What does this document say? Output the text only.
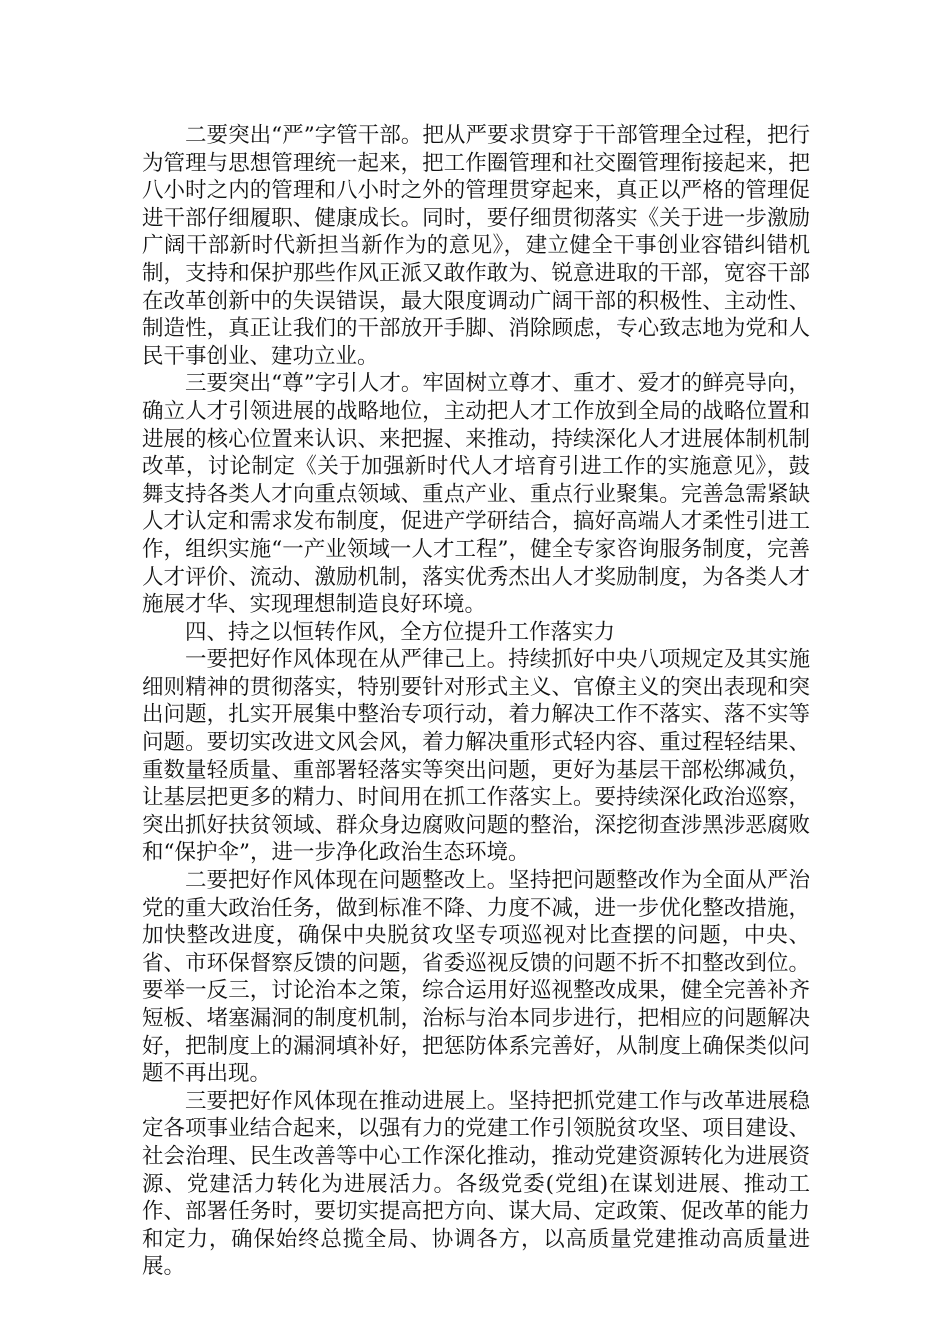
二要突出“严”字管干部。把从严要求贯穿于干部管理全过程，把行为管理与思想管理统一起来，把工作圈管理和社交圈管理衔接起来，把八小时之内的管理和八小时之外的管理贯穿起来，真正以严格的管理促进干部仔细履职、健康成长。同时，要仔细贯彻落实《关于进一步激励广阔干部新时代新担当新作为的意见》，建立健全干事创业容错纠错机制，支持和保护那些作风正派又敢作敢为、锐意进取的干部，宽容干部在改革创新中的失误错误，最大限度调动广阔干部的积极性、主动性、制造性，真正让我们的干部放开手脚、消除顾虑，专心致志地为党和人民干事创业、建功立业。

三要突出“尊”字引人才。牢固树立尊才、重才、爱才的鲜亮导向，确立人才引领进展的战略地位，主动把人才工作放到全局的战略位置和进展的核心位置来认识、来把握、来推动，持续深化人才进展体制机制改革，讨论制定《关于加强新时代人才培育引进工作的实施意见》，鼓舞支持各类人才向重点领域、重点产业、重点行业聚集。完善急需紧缺人才认定和需求发布制度，促进产学研结合，搞好高端人才柔性引进工作，组织实施“一产业领域一人才工程”，健全专家咨询服务制度，完善人才评价、流动、激励机制，落实优秀杰出人才奖励制度，为各类人才施展才华、实现理想制造良好环境。

四、持之以恒转作风，全方位提升工作落实力

一要把好作风体现在从严律己上。持续抓好中央八项规定及其实施细则精神的贯彻落实，特别要针对形式主义、官僚主义的突出表现和突出问题，扎实开展集中整治专项行动，着力解决工作不落实、落不实等问题。要切实改进文风会风，着力解决重形式轻内容、重过程轻结果、重数量轻质量、重部署轻落实等突出问题，更好为基层干部松绑减负，让基层把更多的精力、时间用在抓工作落实上。要持续深化政治巡察，突出抓好扶贫领域、群众身边腐败问题的整治，深挖彻查涉黑涉恶腐败和“保护伞”，进一步净化政治生态环境。

二要把好作风体现在问题整改上。坚持把问题整改作为全面从严治党的重大政治任务，做到标准不降、力度不减，进一步优化整改措施，加快整改进度，确保中央脱贫攻坚专项巡视对比查摆的问题，中央、省、市环保督察反馈的问题，省委巡视反馈的问题不折不扣整改到位。要举一反三，讨论治本之策，综合运用好巡视整改成果，健全完善补齐短板、堵塞漏洞的制度机制，治标与治本同步进行，把相应的问题解决好，把制度上的漏洞填补好，把惩防体系完善好，从制度上确保类似问题不再出现。

三要把好作风体现在推动进展上。坚持把抓党建工作与改革进展稳定各项事业结合起来，以强有力的党建工作引领脱贫攻坚、项目建设、社会治理、民生改善等中心工作深化推动，推动党建资源转化为进展资源、党建活力转化为进展活力。各级党委(党组)在谋划进展、推动工作、部署任务时，要切实提高把方向、谋大局、定政策、促改革的能力和定力，确保始终总揽全局、协调各方，以高质量党建推动高质量进展。
